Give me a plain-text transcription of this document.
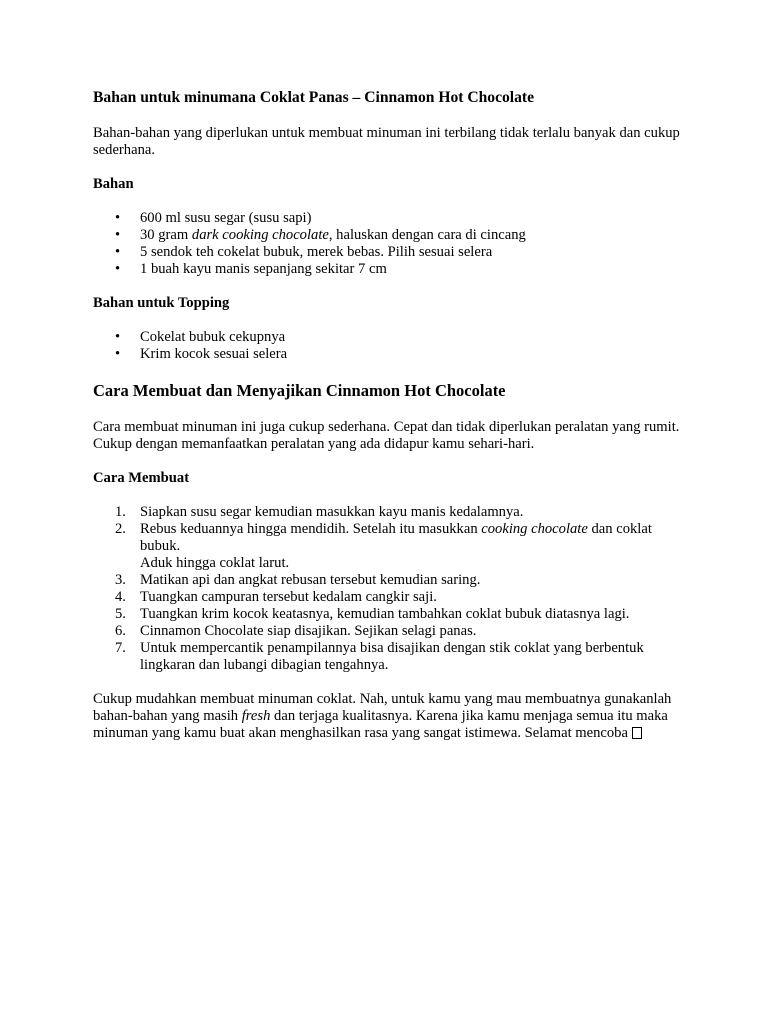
Bahan untuk minumana Coklat Panas – Cinnamon Hot Chocolate

Bahan-bahan yang diperlukan untuk membuat minuman ini terbilang tidak terlalu banyak dan cukup sederhana.

Bahan
• 600 ml susu segar (susu sapi)
• 30 gram dark cooking chocolate, haluskan dengan cara di cincang
• 5 sendok teh cokelat bubuk, merek bebas. Pilih sesuai selera
• 1 buah kayu manis sepanjang sekitar 7 cm
Bahan untuk Topping
• Cokelat bubuk cekupnya
• Krim kocok sesuai selera
Cara Membuat dan Menyajikan Cinnamon Hot Chocolate

Cara membuat minuman ini juga cukup sederhana. Cepat dan tidak diperlukan peralatan yang rumit. Cukup dengan memanfaatkan peralatan yang ada didapur kamu sehari-hari.

Cara Membuat
1. Siapkan susu segar kemudian masukkan kayu manis kedalamnya.
2. Rebus keduannya hingga mendidih. Setelah itu masukkan cooking chocolate dan coklat bubuk.
Aduk hingga coklat larut.
3. Matikan api dan angkat rebusan tersebut kemudian saring.
4. Tuangkan campuran tersebut kedalam cangkir saji.
5. Tuangkan krim kocok keatasnya, kemudian tambahkan coklat bubuk diatasnya lagi.
6. Cinnamon Chocolate siap disajikan. Sejikan selagi panas.
7. Untuk mempercantik penampilannya bisa disajikan dengan stik coklat yang berbentuk lingkaran dan lubangi dibagian tengahnya.

Cukup mudahkan membuat minuman coklat. Nah, untuk kamu yang mau membuatnya gunakanlah bahan-bahan yang masih fresh dan terjaga kualitasnya. Karena jika kamu menjaga semua itu maka minuman yang kamu buat akan menghasilkan rasa yang sangat istimewa. Selamat mencoba
